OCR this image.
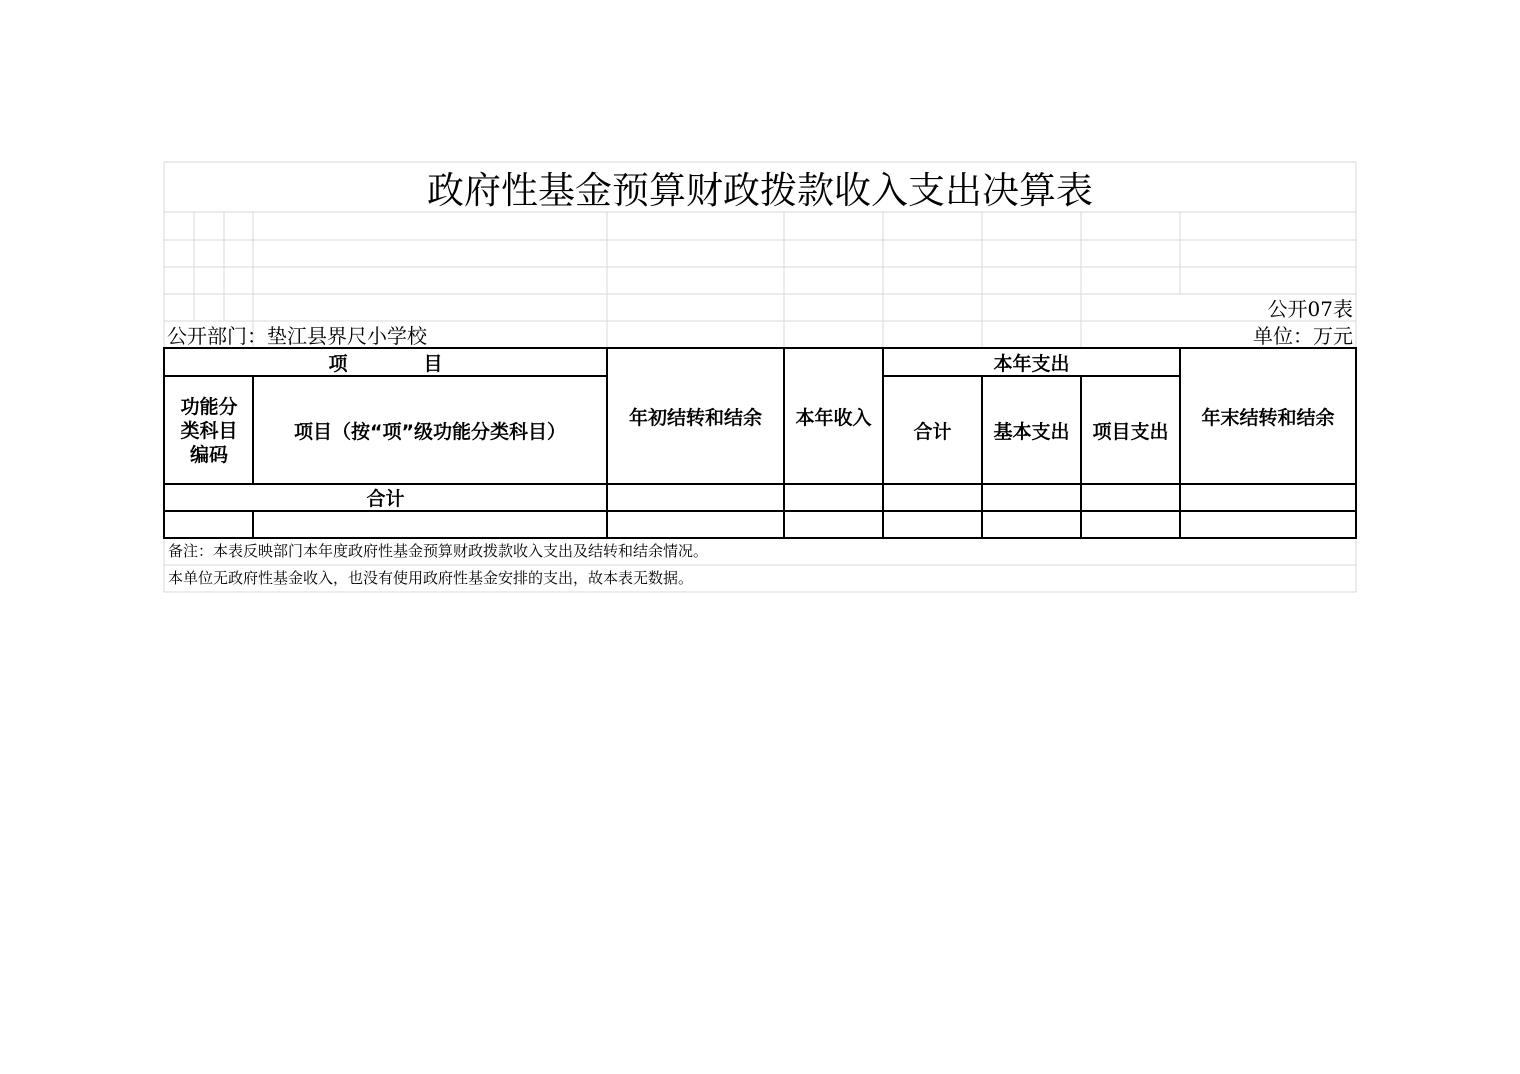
政府性基金预算财政拨款收入支出决算表
公开07表
公开部门：垫江县界尺小学校	单位：万元
项　　　　目
功能分类科目编码
项目（按“项”级功能分类科目）
年初结转和结余 本年收入
本年支出
合计 基本支出 项目支出
年末结转和结余
合计
备注：本表反映部门本年度政府性基金预算财政拨款收入支出及结转和结余情况。
本单位无政府性基金收入，也没有使用政府性基金安排的支出，故本表无数据。
